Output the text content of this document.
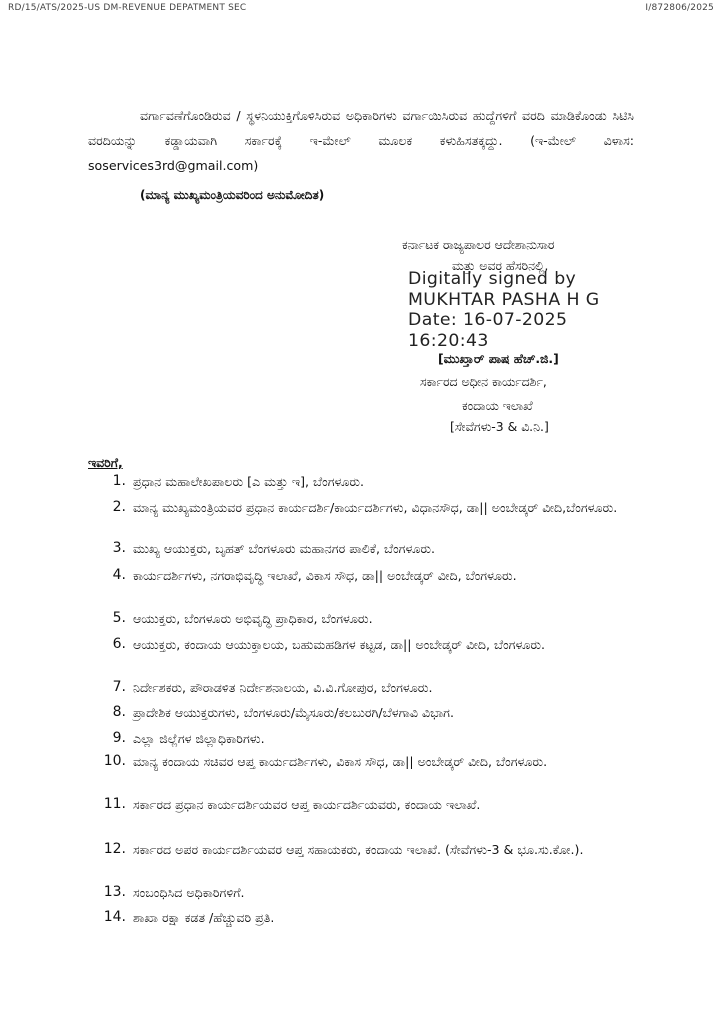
RD/15/ATS/2025-US DM-REVENUE DEPATMENT SEC	I/872806/2025
ವರ್ಗಾವಣೆಗೊಂಡಿರುವ / ಸ್ಥಳನಿಯುಕ್ತಿಗೊಳಿಸಿರುವ ಅಧಿಕಾರಿಗಳು ವರ್ಗಾಯಿಸಿರುವ ಹುದ್ದೆಗಳಿಗೆ ವರದಿ ಮಾಡಿಕೊಂಡು ಸಿಟಿಸಿ ವರದಿಯನ್ನು ಕಡ್ಡಾಯವಾಗಿ ಸರ್ಕಾರಕ್ಕೆ ಇ-ಮೇಲ್ ಮೂಲಕ ಕಳುಹಿಸತಕ್ಕದ್ದು. (ಇ-ಮೇಲ್ ವಿಳಾಸ: soservices3rd@gmail.com)
(ಮಾನ್ಯ ಮುಖ್ಯಮಂತ್ರಿಯವರಿಂದ ಅನುಮೋದಿತ)
ಕರ್ನಾಟಕ ರಾಜ್ಯಪಾಲರ ಆದೇಶಾನುಸಾರ
ಮತ್ತು ಅವರ ಹೆಸರಿನಲ್ಲಿ,
Digitally signed by
MUKHTAR PASHA H G
Date: 16-07-2025
16:20:43
[ಮುಖ್ತಾರ್ ಪಾಷ ಹೆಚ್.ಜಿ.]
ಸರ್ಕಾರದ ಅಧೀನ ಕಾರ್ಯದರ್ಶಿ,
ಕಂದಾಯ ಇಲಾಖೆ
[ಸೇವೆಗಳು-3 & ವಿ.ನಿ.]
ಇವರಿಗೆ,
1. ಪ್ರಧಾನ ಮಹಾಲೇಖಪಾಲರು [ಎ ಮತ್ತು ಇ], ಬೆಂಗಳೂರು.
2. ಮಾನ್ಯ ಮುಖ್ಯಮಂತ್ರಿಯವರ ಪ್ರಧಾನ ಕಾರ್ಯದರ್ಶಿ/ಕಾರ್ಯದರ್ಶಿಗಳು, ವಿಧಾನಸೌಧ, ಡಾ|| ಅಂಬೇಡ್ಕರ್ ವೀದಿ,ಬೆಂಗಳೂರು.
3. ಮುಖ್ಯ ಆಯುಕ್ತರು, ಬೃಹತ್ ಬೆಂಗಳೂರು ಮಹಾನಗರ ಪಾಲಿಕೆ, ಬೆಂಗಳೂರು.
4. ಕಾರ್ಯದರ್ಶಿಗಳು, ನಗರಾಭಿವೃದ್ಧಿ ಇಲಾಖೆ, ವಿಕಾಸ ಸೌಧ, ಡಾ|| ಅಂಬೇಡ್ಕರ್ ವೀದಿ, ಬೆಂಗಳೂರು.
5. ಆಯುಕ್ತರು, ಬೆಂಗಳೂರು ಅಭಿವೃದ್ಧಿ ಪ್ರಾಧಿಕಾರ, ಬೆಂಗಳೂರು.
6. ಆಯುಕ್ತರು, ಕಂದಾಯ ಆಯುಕ್ತಾಲಯ, ಬಹುಮಹಡಿಗಳ ಕಟ್ಟಡ, ಡಾ|| ಅಂಬೇಡ್ಕರ್ ವೀದಿ, ಬೆಂಗಳೂರು.
7. ನಿರ್ದೇಶಕರು, ಪೌರಾಡಳಿತ ನಿರ್ದೇಶನಾಲಯ, ವಿ.ವಿ.ಗೋಪುರ, ಬೆಂಗಳೂರು.
8. ಪ್ರಾದೇಶಿಕ ಆಯುಕ್ತರುಗಳು, ಬೆಂಗಳೂರು/ಮೈಸೂರು/ಕಲಬುರಗಿ/ಬೆಳಗಾವಿ ವಿಭಾಗ.
9. ಎಲ್ಲಾ ಜಿಲ್ಲೆಗಳ ಜಿಲ್ಲಾಧಿಕಾರಿಗಳು.
10. ಮಾನ್ಯ ಕಂದಾಯ ಸಚಿವರ ಆಪ್ತ ಕಾರ್ಯದರ್ಶಿಗಳು, ವಿಕಾಸ ಸೌಧ, ಡಾ|| ಅಂಬೇಡ್ಕರ್ ವೀದಿ, ಬೆಂಗಳೂರು.
11. ಸರ್ಕಾರದ ಪ್ರಧಾನ ಕಾರ್ಯದರ್ಶಿಯವರ ಆಪ್ತ ಕಾರ್ಯದರ್ಶಿಯವರು, ಕಂದಾಯ ಇಲಾಖೆ.
12. ಸರ್ಕಾರದ ಅಪರ ಕಾರ್ಯದರ್ಶಿಯವರ ಆಪ್ತ ಸಹಾಯಕರು, ಕಂದಾಯ ಇಲಾಖೆ. (ಸೇವೆಗಳು-3 & ಭೂ.ಸು.ಕೋ.).
13. ಸಂಬಂಧಿಸಿದ ಅಧಿಕಾರಿಗಳಿಗೆ.
14. ಶಾಖಾ ರಕ್ಷಾ ಕಡತ /ಹೆಚ್ಚುವರಿ ಪ್ರತಿ.
